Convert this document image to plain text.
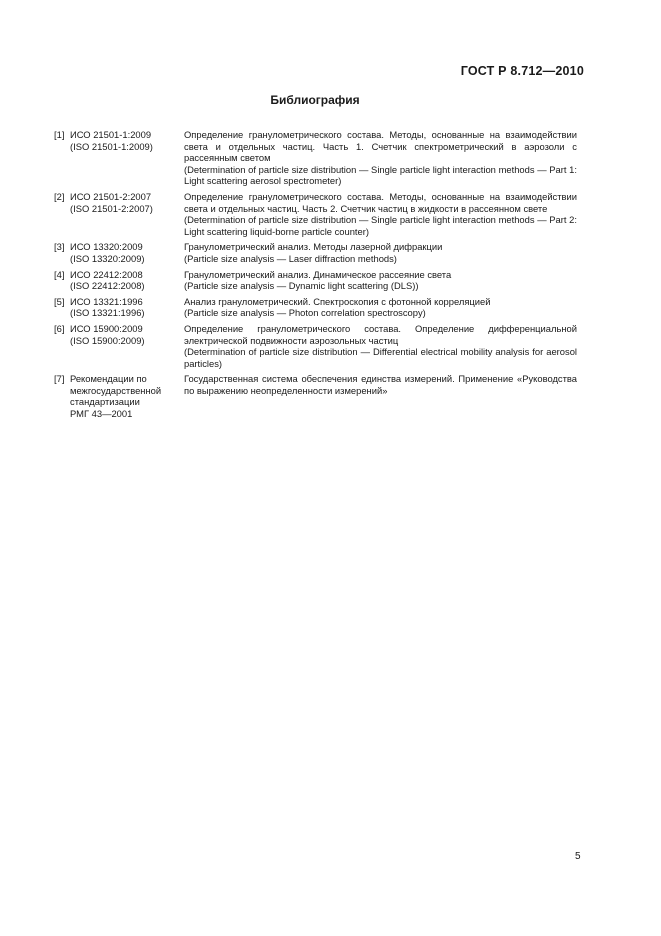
ГОСТ Р 8.712—2010
Библиография
[1] ИСО 21501-1:2009
(ISO 21501-1:2009)
Определение гранулометрического состава. Методы, основанные на взаимодействии света и отдельных частиц. Часть 1. Счетчик спектрометрический в аэрозоли с рассеянным светом
(Determination of particle size distribution — Single particle light interaction methods — Part 1: Light scattering aerosol spectrometer)
[2] ИСО 21501-2:2007
(ISO 21501-2:2007)
Определение гранулометрического состава. Методы, основанные на взаимодействии света и отдельных частиц. Часть 2. Счетчик частиц в жидкости в рассеянном свете
(Determination of particle size distribution — Single particle light interaction methods — Part 2: Light scattering liquid-borne particle counter)
[3] ИСО 13320:2009
(ISO 13320:2009)
Гранулометрический анализ. Методы лазерной дифракции
(Particle size analysis — Laser diffraction methods)
[4] ИСО 22412:2008
(ISO 22412:2008)
Гранулометрический анализ. Динамическое рассеяние света
(Particle size analysis — Dynamic light scattering (DLS))
[5] ИСО 13321:1996
(ISO 13321:1996)
Анализ гранулометрический. Спектроскопия с фотонной корреляцией
(Particle size analysis — Photon correlation spectroscopy)
[6] ИСО 15900:2009
(ISO 15900:2009)
Определение гранулометрического состава. Определение дифференциальной электрической подвижности аэрозольных частиц
(Determination of particle size distribution — Differential electrical mobility analysis for aerosol particles)
[7] Рекомендации по
межгосударственной
стандартизации
РМГ 43—2001
Государственная система обеспечения единства измерений. Применение «Руководства по выражению неопределенности измерений»
5
